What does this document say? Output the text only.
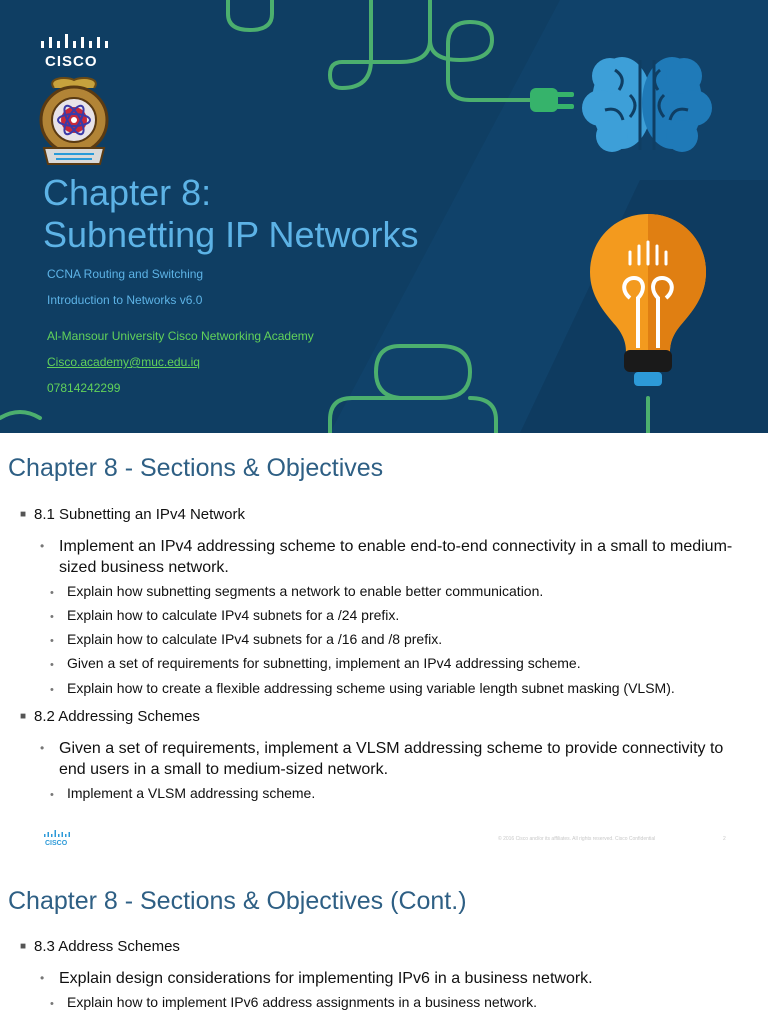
CISCO
Chapter 8:
Subnetting IP Networks
CCNA Routing and Switching
Introduction to Networks v6.0
Al-Mansour University Cisco Networking Academy
Cisco.academy@muc.edu.iq
07814242299
Chapter 8 - Sections & Objectives
■ 8.1 Subnetting an IPv4 Network
• Implement an IPv4 addressing scheme to enable end-to-end connectivity in a small to medium-sized business network.
• Explain how subnetting segments a network to enable better communication.
• Explain how to calculate IPv4 subnets for a /24 prefix.
• Explain how to calculate IPv4 subnets for a /16 and /8 prefix.
• Given a set of requirements for subnetting, implement an IPv4 addressing scheme.
• Explain how to create a flexible addressing scheme using variable length subnet masking (VLSM).
■ 8.2 Addressing Schemes
• Given a set of requirements, implement a VLSM addressing scheme to provide connectivity to end users in a small to medium-sized network.
• Implement a VLSM addressing scheme.
CISCO
© 2016 Cisco and/or its affiliates. All rights reserved. Cisco Confidential	2
Chapter 8 - Sections & Objectives (Cont.)
■ 8.3 Address Schemes
• Explain design considerations for implementing IPv6 in a business network.
• Explain how to implement IPv6 address assignments in a business network.
